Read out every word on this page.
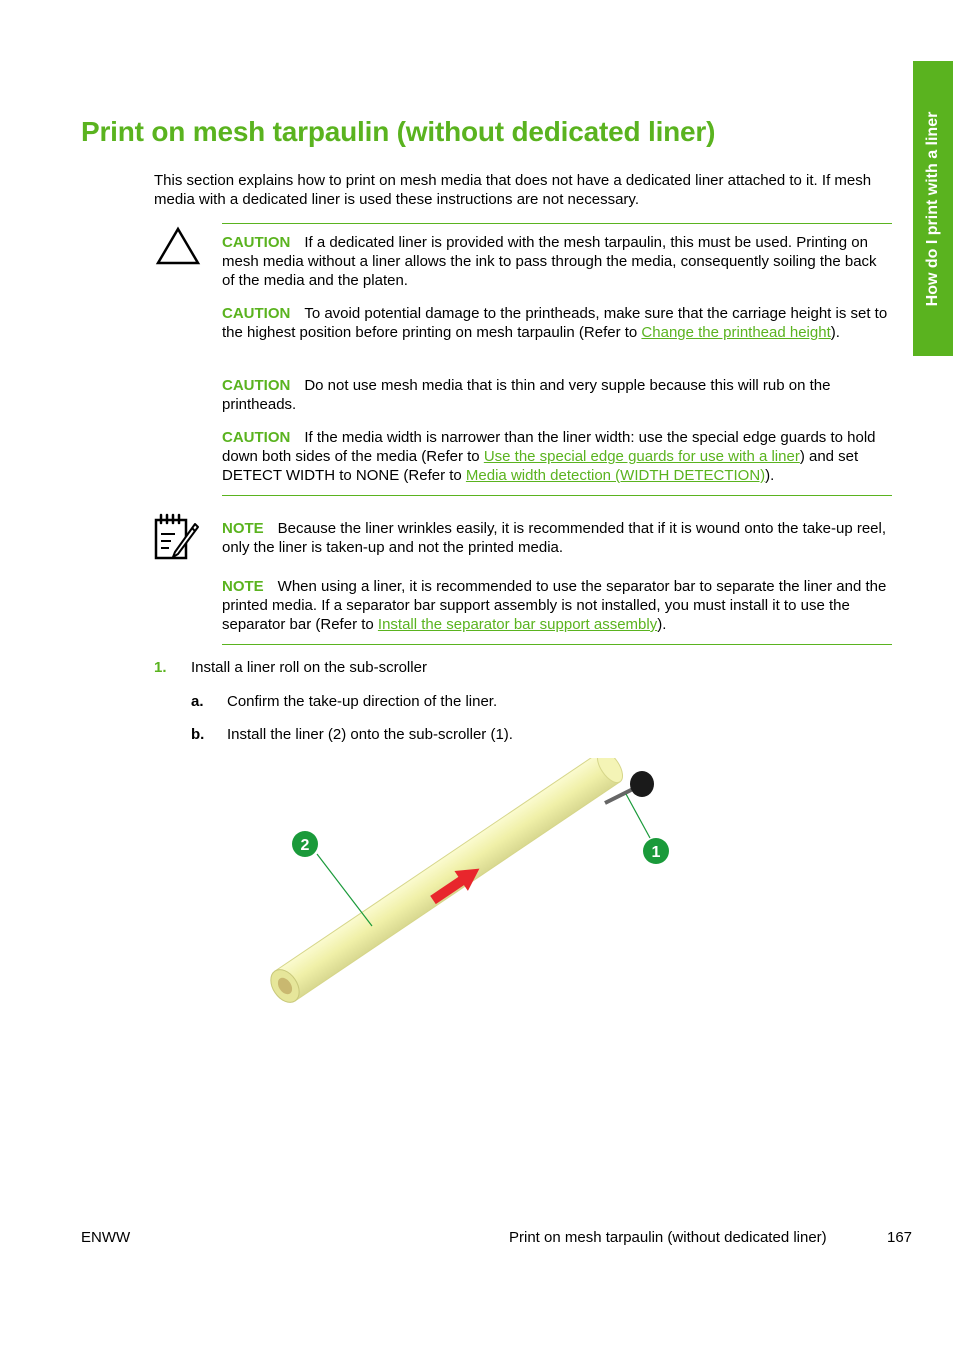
How do I print with a liner
Print on mesh tarpaulin (without dedicated liner)

This section explains how to print on mesh media that does not have a dedicated liner attached to it. If mesh media with a dedicated liner is used these instructions are not necessary.

CAUTION If a dedicated liner is provided with the mesh tarpaulin, this must be used. Printing on mesh media without a liner allows the ink to pass through the media, consequently soiling the back of the media and the platen.

CAUTION To avoid potential damage to the printheads, make sure that the carriage height is set to the highest position before printing on mesh tarpaulin (Refer to Change the printhead height).

CAUTION Do not use mesh media that is thin and very supple because this will rub on the printheads.

CAUTION If the media width is narrower than the liner width: use the special edge guards to hold down both sides of the media (Refer to Use the special edge guards for use with a liner) and set DETECT WIDTH to NONE (Refer to Media width detection (WIDTH DETECTION)).

NOTE Because the liner wrinkles easily, it is recommended that if it is wound onto the take-up reel, only the liner is taken-up and not the printed media.

NOTE When using a liner, it is recommended to use the separator bar to separate the liner and the printed media. If a separator bar support assembly is not installed, you must install it to use the separator bar (Refer to Install the separator bar support assembly).

1. Install a liner roll on the sub-scroller
a. Confirm the take-up direction of the liner.
b. Install the liner (2) onto the sub-scroller (1).
2	1
ENWW	Print on mesh tarpaulin (without dedicated liner)	167
